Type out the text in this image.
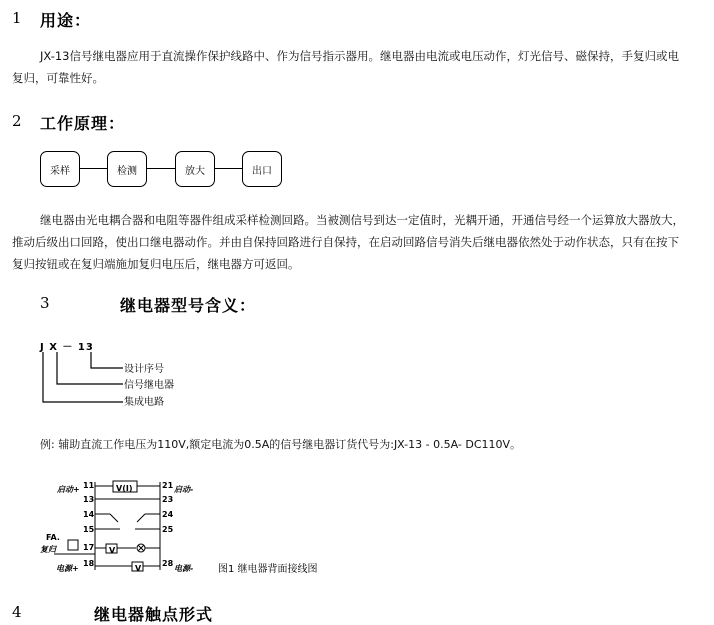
1 用途：
JX-13信号继电器应用于直流操作保护线路中、作为信号指示器用。继电器由电流或电压动作，灯光信号、磁保持，手复归或电
复归，可靠性好。
2 工作原理：
采样	检测	放大	出口
继电器由光电耦合器和电阻等器件组成采样检测回路。当被测信号到达一定值时，光耦开通，开通信号经一个运算放大器放大，
推动后级出口回路，使出口继电器动作。并由自保持回路进行自保持，在启动回路信号消失后继电器依然处于动作状态，只有在按下
复归按钮或在复归端施加复归电压后，继电器方可返回。
3	继电器型号含义：
J X － 13
设计序号
信号继电器
集成电路
例: 辅助直流工作电压为110V,额定电流为0.5A的信号继电器订货代号为:JX-13 - 0.5A- DC110V。
V(I)
V
V
启动+	启动-
FA.
复归
电源+	电源-
11
13
14
15
17
18
21
23
24
25
28
图1 继电器背面接线图
4	继电器触点形式
